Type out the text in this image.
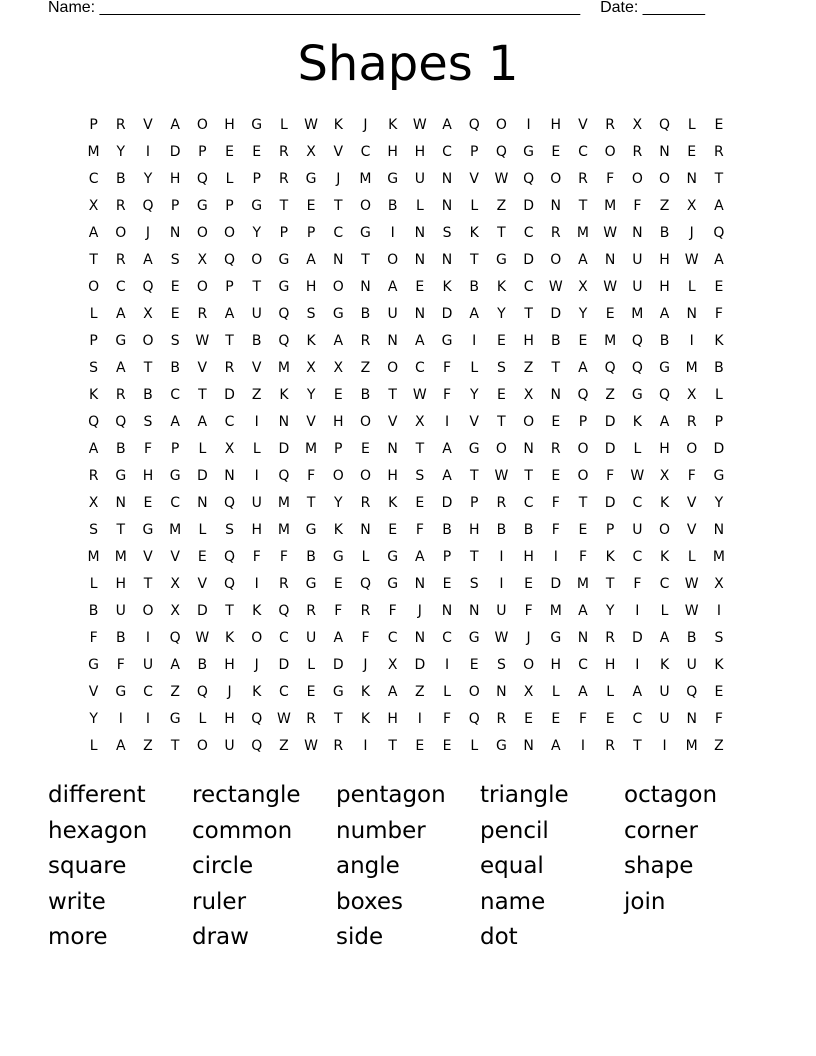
Name: ______________________________________________________ Date: _______
Shapes 1
P	R	V	A	O	H	G	L	W	K	J	K	W	A	Q	O	I	H	V	R	X	Q	L	E
M	Y	I	D	P	E	E	R	X	V	C	H	H	C	P	Q	G	E	C	O	R	N	E	R
C	B	Y	H	Q	L	P	R	G	J	M	G	U	N	V	W	Q	O	R	F	O	O	N	T
X	R	Q	P	G	P	G	T	E	T	O	B	L	N	L	Z	D	N	T	M	F	Z	X	A
A	O	J	N	O	O	Y	P	P	C	G	I	N	S	K	T	C	R	M	W	N	B	J	Q
T	R	A	S	X	Q	O	G	A	N	T	O	N	N	T	G	D	O	A	N	U	H	W	A
O	C	Q	E	O	P	T	G	H	O	N	A	E	K	B	K	C	W	X	W	U	H	L	E
L	A	X	E	R	A	U	Q	S	G	B	U	N	D	A	Y	T	D	Y	E	M	A	N	F
P	G	O	S	W	T	B	Q	K	A	R	N	A	G	I	E	H	B	E	M	Q	B	I	K
S	A	T	B	V	R	V	M	X	X	Z	O	C	F	L	S	Z	T	A	Q	Q	G	M	B
K	R	B	C	T	D	Z	K	Y	E	B	T	W	F	Y	E	X	N	Q	Z	G	Q	X	L
Q	Q	S	A	A	C	I	N	V	H	O	V	X	I	V	T	O	E	P	D	K	A	R	P
A	B	F	P	L	X	L	D	M	P	E	N	T	A	G	O	N	R	O	D	L	H	O	D
R	G	H	G	D	N	I	Q	F	O	O	H	S	A	T	W	T	E	O	F	W	X	F	G
X	N	E	C	N	Q	U	M	T	Y	R	K	E	D	P	R	C	F	T	D	C	K	V	Y
S	T	G	M	L	S	H	M	G	K	N	E	F	B	H	B	B	F	E	P	U	O	V	N
M	M	V	V	E	Q	F	F	B	G	L	G	A	P	T	I	H	I	F	K	C	K	L	M
L	H	T	X	V	Q	I	R	G	E	Q	G	N	E	S	I	E	D	M	T	F	C	W	X
B	U	O	X	D	T	K	Q	R	F	R	F	J	N	N	U	F	M	A	Y	I	L	W	I
F	B	I	Q	W	K	O	C	U	A	F	C	N	C	G	W	J	G	N	R	D	A	B	S
G	F	U	A	B	H	J	D	L	D	J	X	D	I	E	S	O	H	C	H	I	K	U	K
V	G	C	Z	Q	J	K	C	E	G	K	A	Z	L	O	N	X	L	A	L	A	U	Q	E
Y	I	I	G	L	H	Q	W	R	T	K	H	I	F	Q	R	E	E	F	E	C	U	N	F
L	A	Z	T	O	U	Q	Z	W	R	I	T	E	E	L	G	N	A	I	R	T	I	M	Z
different	rectangle	pentagon	triangle	octagon
hexagon	common	number	pencil	corner
square	circle	angle	equal	shape
write	ruler	boxes	name	join
more	draw	side	dot
